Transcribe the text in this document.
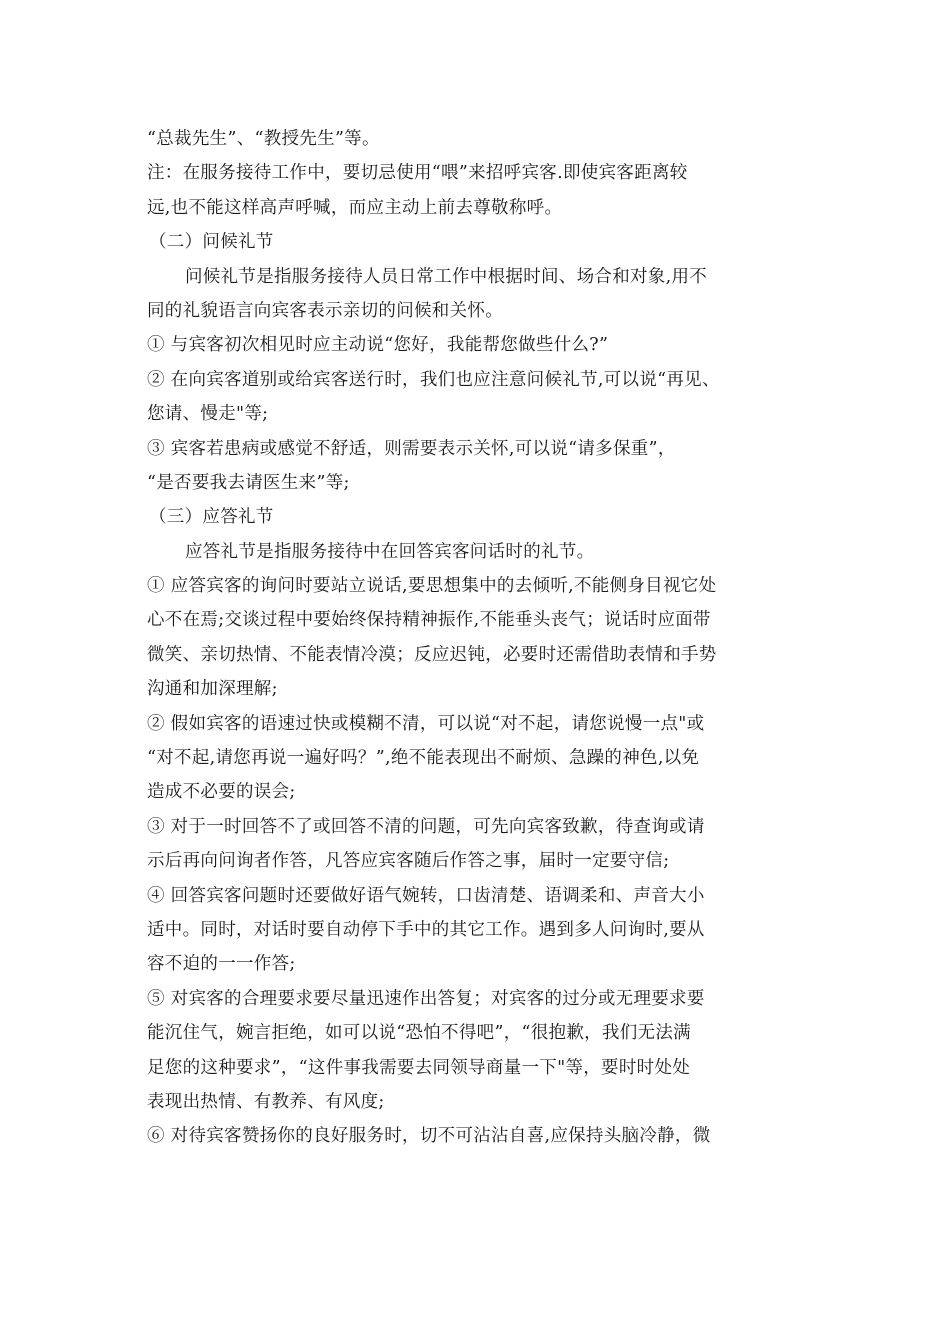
“总裁先生”、“教授先生”等。
注：在服务接待工作中，要切忌使用“喂”来招呼宾客.即使宾客距离较
远,也不能这样高声呼喊，而应主动上前去尊敬称呼。
（二）问候礼节
问候礼节是指服务接待人员日常工作中根据时间、场合和对象,用不
同的礼貌语言向宾客表示亲切的问候和关怀。
① 与宾客初次相见时应主动说“您好，我能帮您做些什么?”
② 在向宾客道别或给宾客送行时，我们也应注意问候礼节,可以说“再见、
您请、慢走"等;
③ 宾客若患病或感觉不舒适，则需要表示关怀,可以说“请多保重”，
“是否要我去请医生来”等;
（三）应答礼节
应答礼节是指服务接待中在回答宾客问话时的礼节。
① 应答宾客的询问时要站立说话,要思想集中的去倾听,不能侧身目视它处
心不在焉;交谈过程中要始终保持精神振作,不能垂头丧气；说话时应面带
微笑、亲切热情、不能表情冷漠；反应迟钝，必要时还需借助表情和手势
沟通和加深理解;
② 假如宾客的语速过快或模糊不清，可以说“对不起，请您说慢一点"或
“对不起,请您再说一遍好吗？”,绝不能表现出不耐烦、急躁的神色,以免
造成不必要的误会;
③ 对于一时回答不了或回答不清的问题，可先向宾客致歉，待查询或请
示后再向问询者作答，凡答应宾客随后作答之事，届时一定要守信;
④ 回答宾客问题时还要做好语气婉转，口齿清楚、语调柔和、声音大小
适中。同时，对话时要自动停下手中的其它工作。遇到多人问询时,要从
容不迫的一一作答;
⑤ 对宾客的合理要求要尽量迅速作出答复；对宾客的过分或无理要求要
能沉住气，婉言拒绝，如可以说“恐怕不得吧”，“很抱歉，我们无法满
足您的这种要求”，“这件事我需要去同领导商量一下"等，要时时处处
表现出热情、有教养、有风度;
⑥ 对待宾客赞扬你的良好服务时，切不可沾沾自喜,应保持头脑冷静，微
